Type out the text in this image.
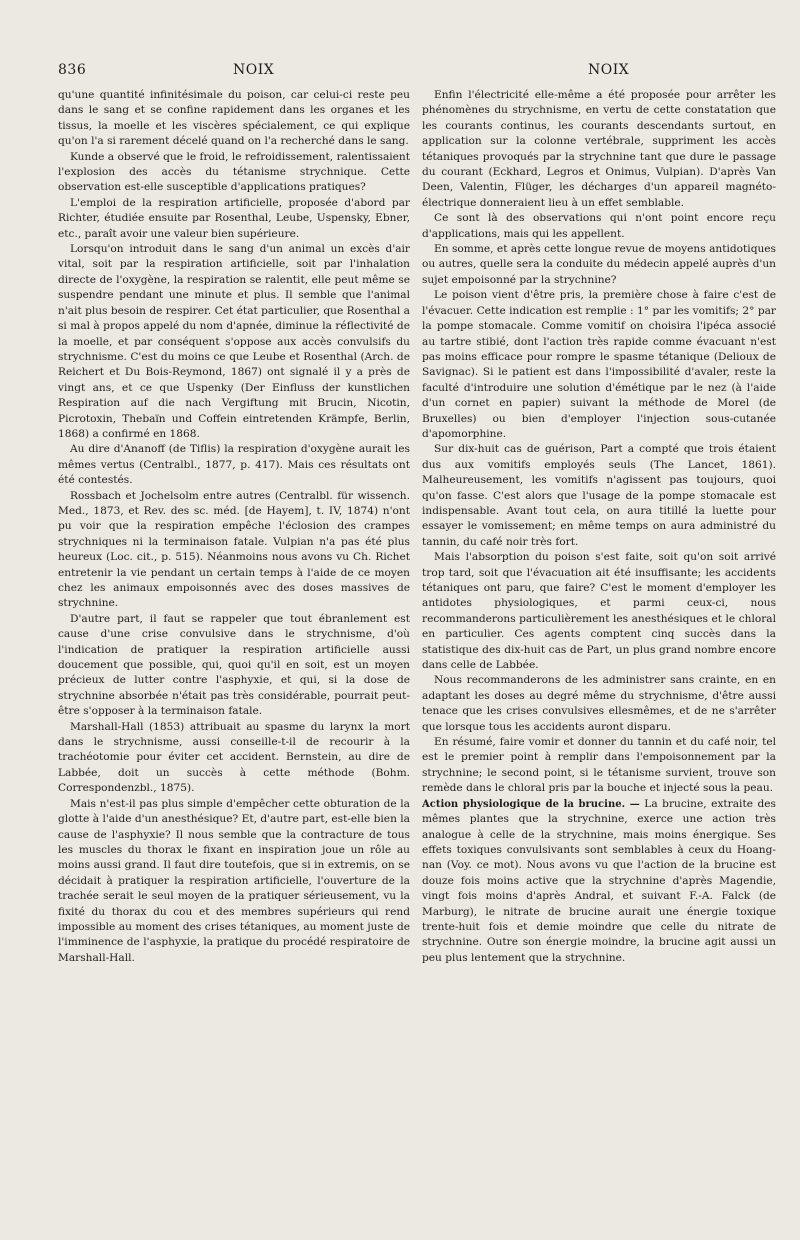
836	NOIX	NOIX

qu'une quantité infinitésimale du poison, car celui-ci reste peu dans le sang et se confine rapidement dans les organes et les tissus, la moelle et les viscères spécialement, ce qui explique qu'on l'a si rarement décelé quand on l'a recherché dans le sang.

Kunde a observé que le froid, le refroidissement, ralentissaient l'explosion des accès du tétanisme strychnique. Cette observation est-elle susceptible d'applications pratiques?

L'emploi de la respiration artificielle, proposée d'abord par Richter, étudiée ensuite par Rosenthal, Leube, Uspensky, Ebner, etc., paraît avoir une valeur bien supérieure.

Lorsqu'on introduit dans le sang d'un animal un excès d'air vital, soit par la respiration artificielle, soit par l'inhalation directe de l'oxygène, la respiration se ralentit, elle peut même se suspendre pendant une minute et plus. Il semble que l'animal n'ait plus besoin de respirer. Cet état particulier, que Rosenthal a si mal à propos appelé du nom d'apnée, diminue la réflectivité de la moelle, et par conséquent s'oppose aux accès convulsifs du strychnisme. C'est du moins ce que Leube et Rosenthal (Arch. de Reichert et Du Bois-Reymond, 1867) ont signalé il y a près de vingt ans, et ce que Uspenky (Der Einfluss der kunstlichen Respiration auf die nach Vergiftung mit Brucin, Nicotin, Picrotoxin, Thebaïn und Coffein eintretenden Krämpfe, Berlin, 1868) a confirmé en 1868.

Au dire d'Ananoff (de Tiflis) la respiration d'oxygène aurait les mêmes vertus (Centralbl., 1877, p. 417). Mais ces résultats ont été contestés.

Rossbach et Jochelsolm entre autres (Centralbl. für wissench. Med., 1873, et Rev. des sc. méd. [de Hayem], t. IV, 1874) n'ont pu voir que la respiration empêche l'éclosion des crampes strychniques ni la terminaison fatale. Vulpian n'a pas été plus heureux (Loc. cit., p. 515). Néanmoins nous avons vu Ch. Richet entretenir la vie pendant un certain temps à l'aide de ce moyen chez les animaux empoisonnés avec des doses massives de strychnine.

D'autre part, il faut se rappeler que tout ébranlement est cause d'une crise convulsive dans le strychnisme, d'où l'indication de pratiquer la respiration artificielle aussi doucement que possible, qui, quoi qu'il en soit, est un moyen précieux de lutter contre l'asphyxie, et qui, si la dose de strychnine absorbée n'était pas très considérable, pourrait peut-être s'opposer à la terminaison fatale.

Marshall-Hall (1853) attribuait au spasme du larynx la mort dans le strychnisme, aussi conseille-t-il de recourir à la trachéotomie pour éviter cet accident. Bernstein, au dire de Labbée, doit un succès à cette méthode (Bohm. Correspondenzbl., 1875).

Mais n'est-il pas plus simple d'empêcher cette obturation de la glotte à l'aide d'un anesthésique? Et, d'autre part, est-elle bien la cause de l'asphyxie? Il nous semble que la contracture de tous les muscles du thorax le fixant en inspiration joue un rôle au moins aussi grand. Il faut dire toutefois, que si in extremis, on se décidait à pratiquer la respiration artificielle, l'ouverture de la trachée serait le seul moyen de la pratiquer sérieusement, vu la fixité du thorax du cou et des membres supérieurs qui rend impossible au moment des crises tétaniques, au moment juste de l'imminence de l'asphyxie, la pratique du procédé respiratoire de Marshall-Hall.

Enfin l'électricité elle-même a été proposée pour arrêter les phénomènes du strychnisme, en vertu de cette constatation que les courants continus, les courants descendants surtout, en application sur la colonne vertébrale, suppriment les accès tétaniques provoqués par la strychnine tant que dure le passage du courant (Eckhard, Legros et Onimus, Vulpian). D'après Van Deen, Valentin, Flüger, les décharges d'un appareil magnéto-électrique donneraient lieu à un effet semblable.

Ce sont là des observations qui n'ont point encore reçu d'applications, mais qui les appellent.

En somme, et après cette longue revue de moyens antidotiques ou autres, quelle sera la conduite du médecin appelé auprès d'un sujet empoisonné par la strychnine?

Le poison vient d'être pris, la première chose à faire c'est de l'évacuer. Cette indication est remplie : 1° par les vomitifs; 2° par la pompe stomacale. Comme vomitif on choisira l'ipéca associé au tartre stibié, dont l'action très rapide comme évacuant n'est pas moins efficace pour rompre le spasme tétanique (Delioux de Savignac). Si le patient est dans l'impossibilité d'avaler, reste la faculté d'introduire une solution d'émétique par le nez (à l'aide d'un cornet en papier) suivant la méthode de Morel (de Bruxelles) ou bien d'employer l'injection sous-cutanée d'apomorphine.

Sur dix-huit cas de guérison, Part a compté que trois étaient dus aux vomitifs employés seuls (The Lancet, 1861). Malheureusement, les vomitifs n'agissent pas toujours, quoi qu'on fasse. C'est alors que l'usage de la pompe stomacale est indispensable. Avant tout cela, on aura titillé la luette pour essayer le vomissement; en même temps on aura administré du tannin, du café noir très fort.

Mais l'absorption du poison s'est faite, soit qu'on soit arrivé trop tard, soit que l'évacuation ait été insuffisante; les accidents tétaniques ont paru, que faire? C'est le moment d'employer les antidotes physiologiques, et parmi ceux-ci, nous recommanderons particulièrement les anesthésiques et le chloral en particulier. Ces agents comptent cinq succès dans la statistique des dix-huit cas de Part, un plus grand nombre encore dans celle de Labbée.

Nous recommanderons de les administrer sans crainte, en en adaptant les doses au degré même du strychnisme, d'être aussi tenace que les crises convulsives ellesmêmes, et de ne s'arrêter que lorsque tous les accidents auront disparu.

En résumé, faire vomir et donner du tannin et du café noir, tel est le premier point à remplir dans l'empoisonnement par la strychnine; le second point, si le tétanisme survient, trouve son remède dans le chloral pris par la bouche et injecté sous la peau.

Action physiologique de la brucine. — La brucine, extraite des mêmes plantes que la strychnine, exerce une action très analogue à celle de la strychnine, mais moins énergique. Ses effets toxiques convulsivants sont semblables à ceux du Hoang-nan (Voy. ce mot). Nous avons vu que l'action de la brucine est douze fois moins active que la strychnine d'après Magendie, vingt fois moins d'après Andral, et suivant F.-A. Falck (de Marburg), le nitrate de brucine aurait une énergie toxique trente-huit fois et demie moindre que celle du nitrate de strychnine. Outre son énergie moindre, la brucine agit aussi un peu plus lentement que la strychnine.
